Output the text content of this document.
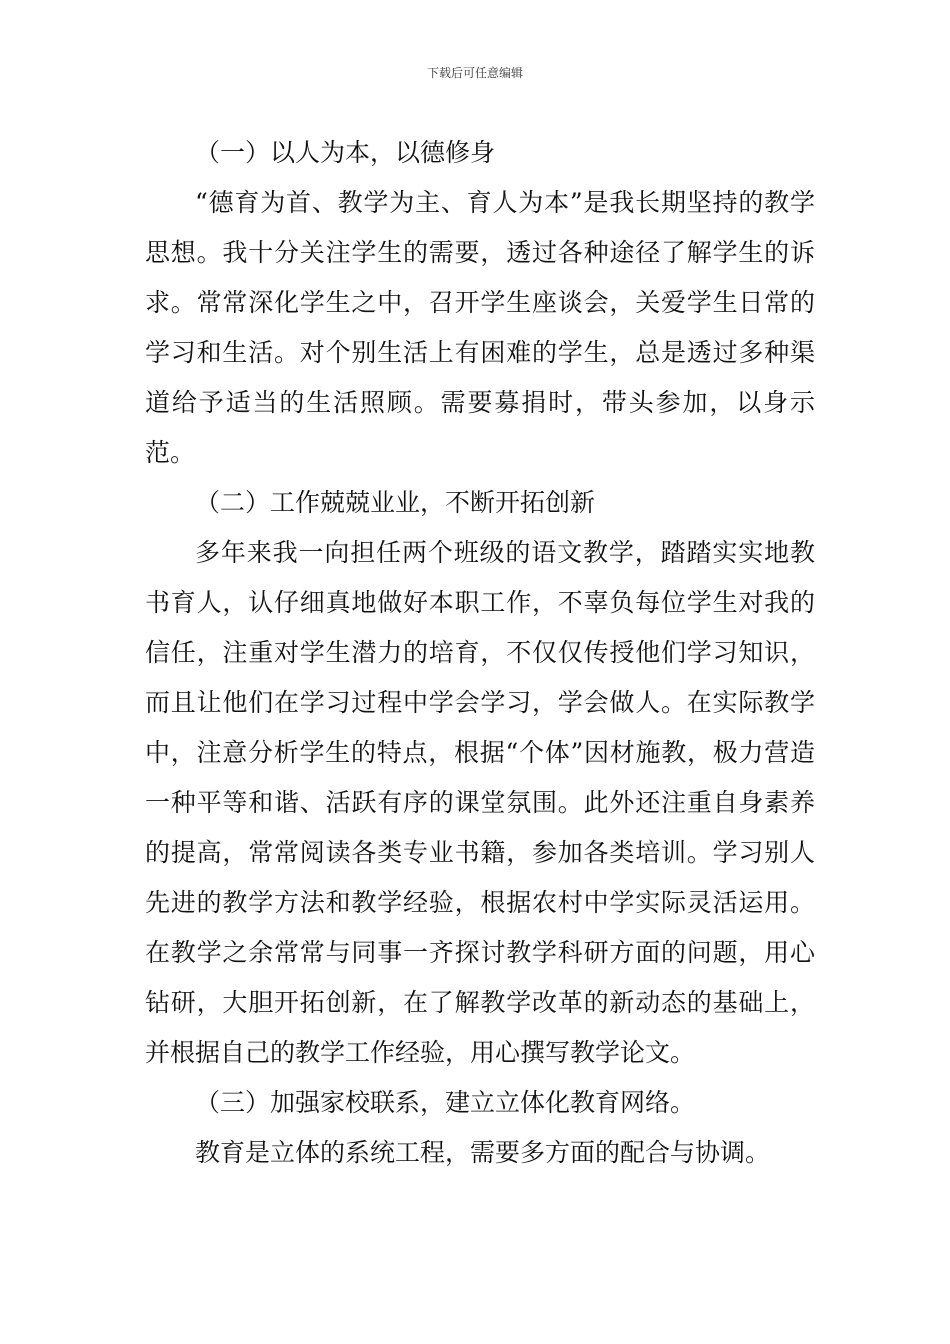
下载后可任意编辑

（一）以人为本，以德修身

“德育为首、教学为主、育人为本”是我长期坚持的教学思想。我十分关注学生的需要，透过各种途径了解学生的诉求。常常深化学生之中，召开学生座谈会，关爱学生日常的学习和生活。对个别生活上有困难的学生，总是透过多种渠道给予适当的生活照顾。需要募捐时，带头参加，以身示范。

（二）工作兢兢业业，不断开拓创新

多年来我一向担任两个班级的语文教学，踏踏实实地教书育人，认仔细真地做好本职工作，不辜负每位学生对我的信任，注重对学生潜力的培育，不仅仅传授他们学习知识，而且让他们在学习过程中学会学习，学会做人。在实际教学中，注意分析学生的特点，根据“个体”因材施教，极力营造一种平等和谐、活跃有序的课堂氛围。此外还注重自身素养的提高，常常阅读各类专业书籍，参加各类培训。学习别人先进的教学方法和教学经验，根据农村中学实际灵活运用。在教学之余常常与同事一齐探讨教学科研方面的问题，用心钻研，大胆开拓创新，在了解教学改革的新动态的基础上，并根据自己的教学工作经验，用心撰写教学论文。

（三）加强家校联系，建立立体化教育网络。

教育是立体的系统工程，需要多方面的配合与协调。
